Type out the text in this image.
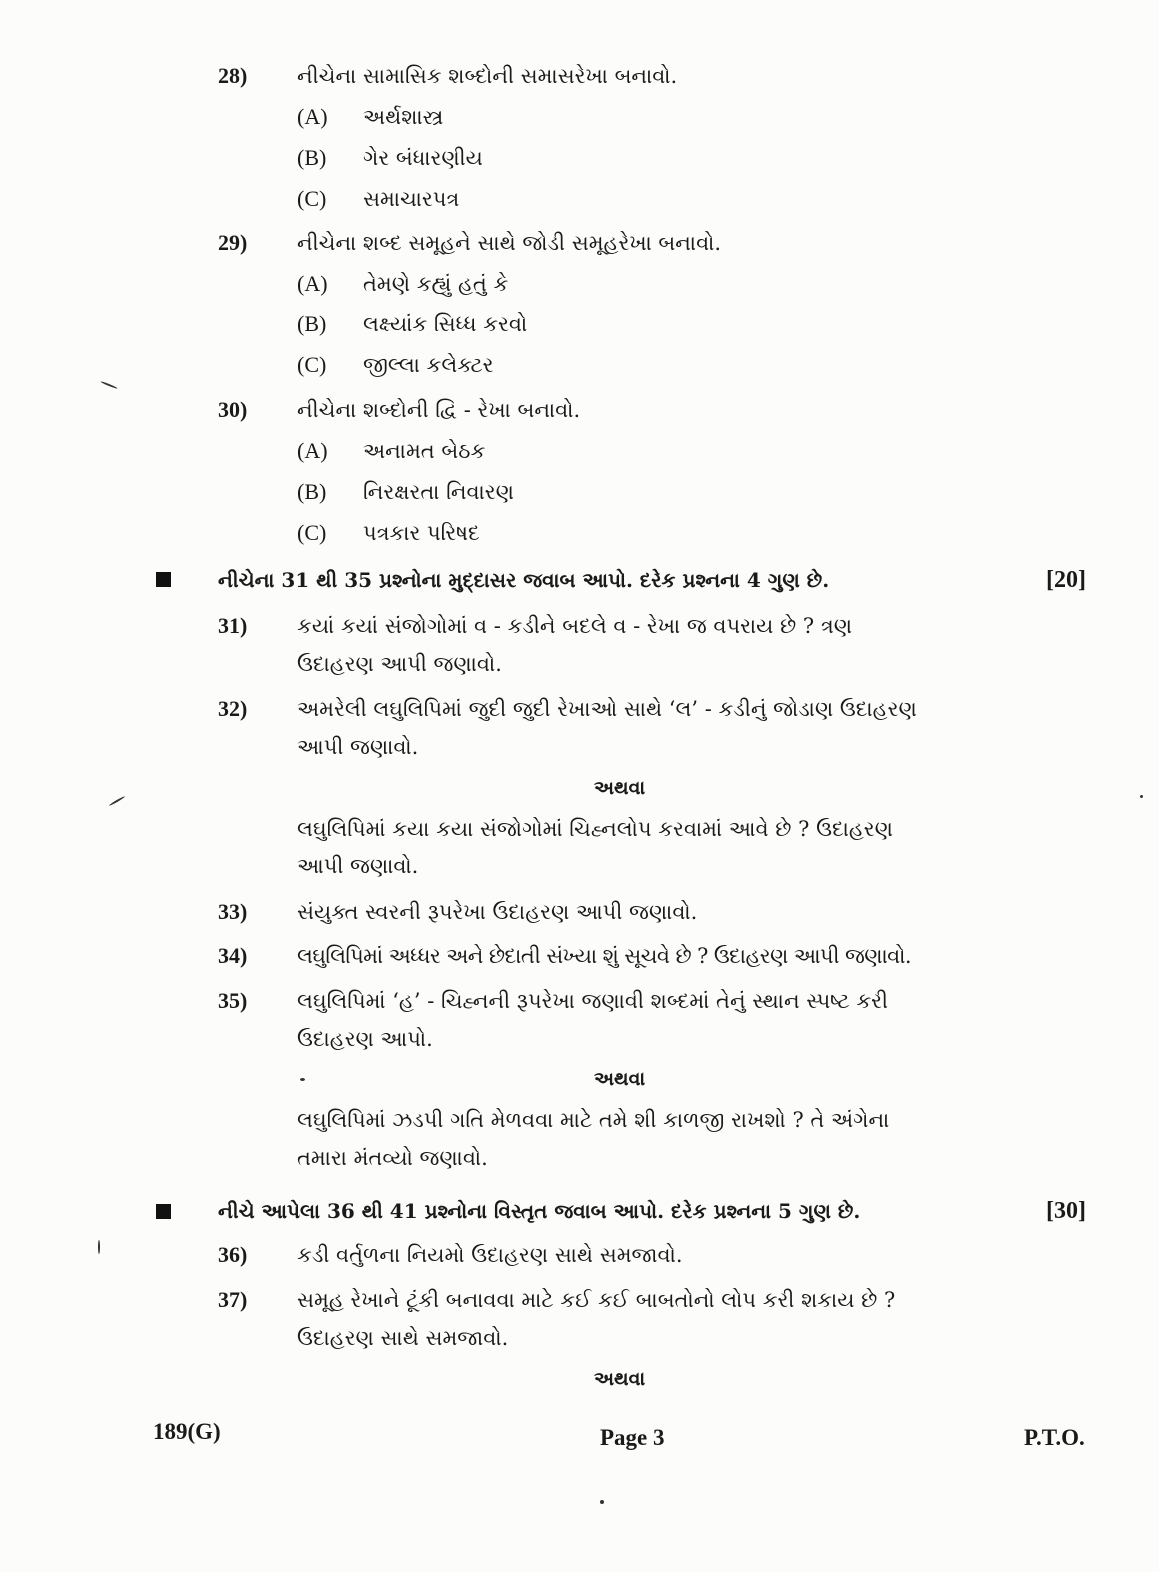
28) નીચેના સામાસિક શબ્દોની સમાસરેખા બનાવો.
(A) અર્થશાસ્ત્ર
(B) ગેર બંધારણીય
(C) સમાચારપત્ર
29) નીચેના શબ્દ સમૂહને સાથે જોડી સમૂહરેખા બનાવો.
(A) તેમણે કહ્યું હતું કે
(B) લક્ષ્યાંક સિધ્ધ કરવો
(C) જીલ્લા કલેક્ટર
30) નીચેના શબ્દોની દ્વિ - રેખા બનાવો.
(A) અનામત બેઠક
(B) નિરક્ષરતા નિવારણ
(C) પત્રકાર પરિષદ
નીચેના 31 થી 35 પ્રશ્નોના મુદ્દાસર જવાબ આપો. દરેક પ્રશ્નના 4 ગુણ છે.	[20]
31) કયાં કયાં સંજોગોમાં વ - કડીને બદલે વ - રેખા જ વપરાય છે ? ત્રણ
ઉદાહરણ આપી જણાવો.
32) અમરેલી લઘુલિપિમાં જુદી જુદી રેખાઓ સાથે ‘લ’ - કડીનું જોડાણ ઉદાહરણ
આપી જણાવો.
અથવા
લઘુલિપિમાં કયા કયા સંજોગોમાં ચિહ્નલોપ કરવામાં આવે છે ? ઉદાહરણ
આપી જણાવો.
33) સંયુક્ત સ્વરની રૂપરેખા ઉદાહરણ આપી જણાવો.
34) લઘુલિપિમાં અધ્ધર અને છેદાતી સંખ્યા શું સૂચવે છે ? ઉદાહરણ આપી જણાવો.
35) લઘુલિપિમાં ‘હ’ - ચિહ્નની રૂપરેખા જણાવી શબ્દમાં તેનું સ્થાન સ્પષ્ટ કરી
ઉદાહરણ આપો.
અથવા
લઘુલિપિમાં ઝડપી ગતિ મેળવવા માટે તમે શી કાળજી રાખશો ? તે અંગેના
તમારા મંતવ્યો જણાવો.
નીચે આપેલા 36 થી 41 પ્રશ્નોના વિસ્તૃત જવાબ આપો. દરેક પ્રશ્નના 5 ગુણ છે.	[30]
36) કડી વર્તુળના નિયમો ઉદાહરણ સાથે સમજાવો.
37) સમૂહ રેખાને ટૂંકી બનાવવા માટે કઈ કઈ બાબતોનો લોપ કરી શકાય છે ?
ઉદાહરણ સાથે સમજાવો.
અથવા
189(G)	Page 3	P.T.O.
